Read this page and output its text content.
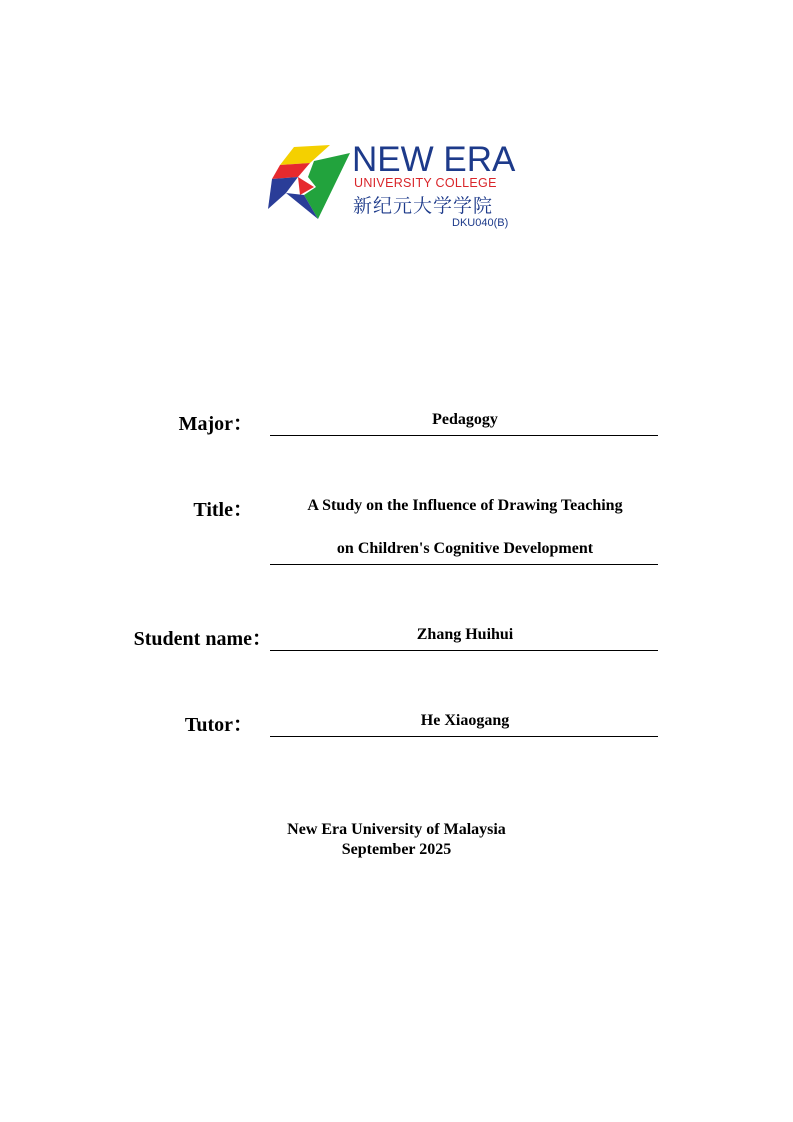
NEW ERA
UNIVERSITY COLLEGE
新纪元大学学院
DKU040(B)
Major：	Pedagogy
Title：	A Study on the Influence of Drawing Teaching
on Children's Cognitive Development
Student name：	Zhang Huihui
Tutor：	He Xiaogang
New Era University of Malaysia
September 2025
